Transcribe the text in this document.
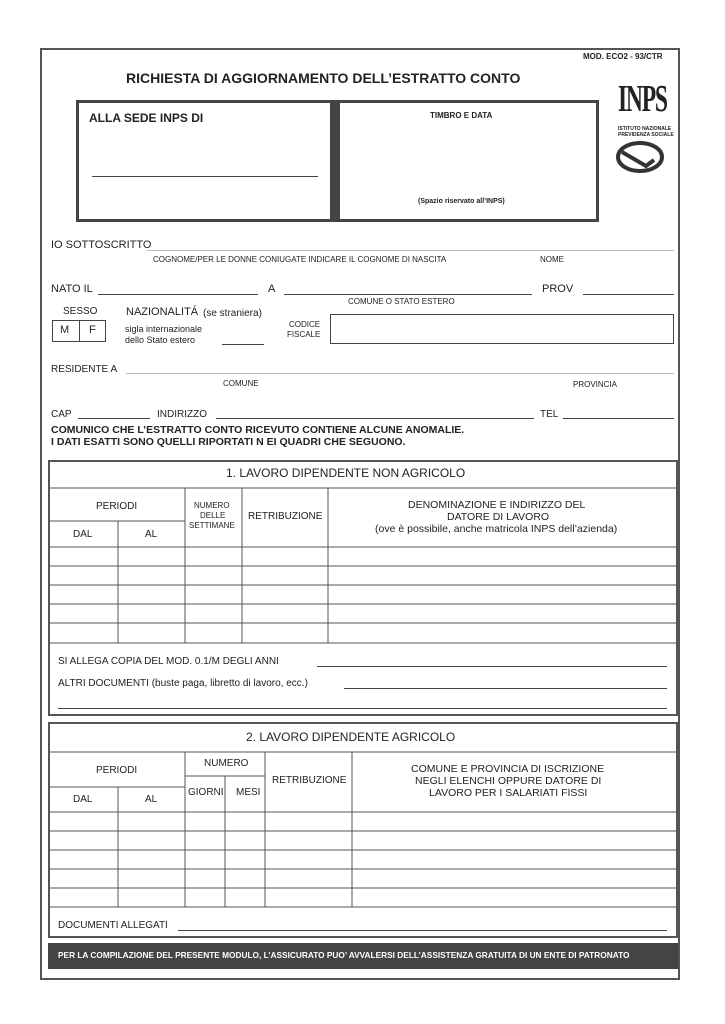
MOD. ECO2 - 93/CTR
RICHIESTA DI AGGIORNAMENTO DELL’ESTRATTO CONTO
ALLA SEDE INPS DI	TIMBRO E DATA
(Spazio riservato all’INPS)
INPS
ISTITUTO NAZIONALE
PREVIDENZA SOCIALE
IO SOTTOSCRITTO
COGNOME/PER LE DONNE CONIUGATE INDICARE IL COGNOME DI NASCITA	NOME
NATO IL	A	PROV
COMUNE O STATO ESTERO
SESSO
M F
NAZIONALITÁ (se straniera)
sigla internazionale
dello Stato estero
CODICE
FISCALE
RESIDENTE A
COMUNE	PROVINCIA
CAP	INDIRIZZO	TEL
COMUNICO CHE L’ESTRATTO CONTO RICEVUTO CONTIENE ALCUNE ANOMALIE.
I DATI ESATTI SONO QUELLI RIPORTATI N EI QUADRI CHE SEGUONO.
1. LAVORO DIPENDENTE NON AGRICOLO
PERIODI
DAL	AL
NUMERO
DELLE
SETTIMANE
RETRIBUZIONE
DENOMINAZIONE E INDIRIZZO DEL
DATORE DI LAVORO
(ove è possibile, anche matricola INPS dell’azienda)
SI ALLEGA COPIA DEL MOD. 0.1/M DEGLI ANNI
ALTRI DOCUMENTI (buste paga, libretto di lavoro, ecc.)
2. LAVORO DIPENDENTE AGRICOLO
PERIODI
DAL	AL
NUMERO
GIORNI MESI
RETRIBUZIONE
COMUNE E PROVINCIA DI ISCRIZIONE
NEGLI ELENCHI OPPURE DATORE DI
LAVORO PER I SALARIATI FISSI
DOCUMENTI ALLEGATI
PER LA COMPILAZIONE DEL PRESENTE MODULO, L’ASSICURATO PUO’ AVVALERSI DELL’ASSISTENZA GRATUITA DI UN ENTE DI PATRONATO
